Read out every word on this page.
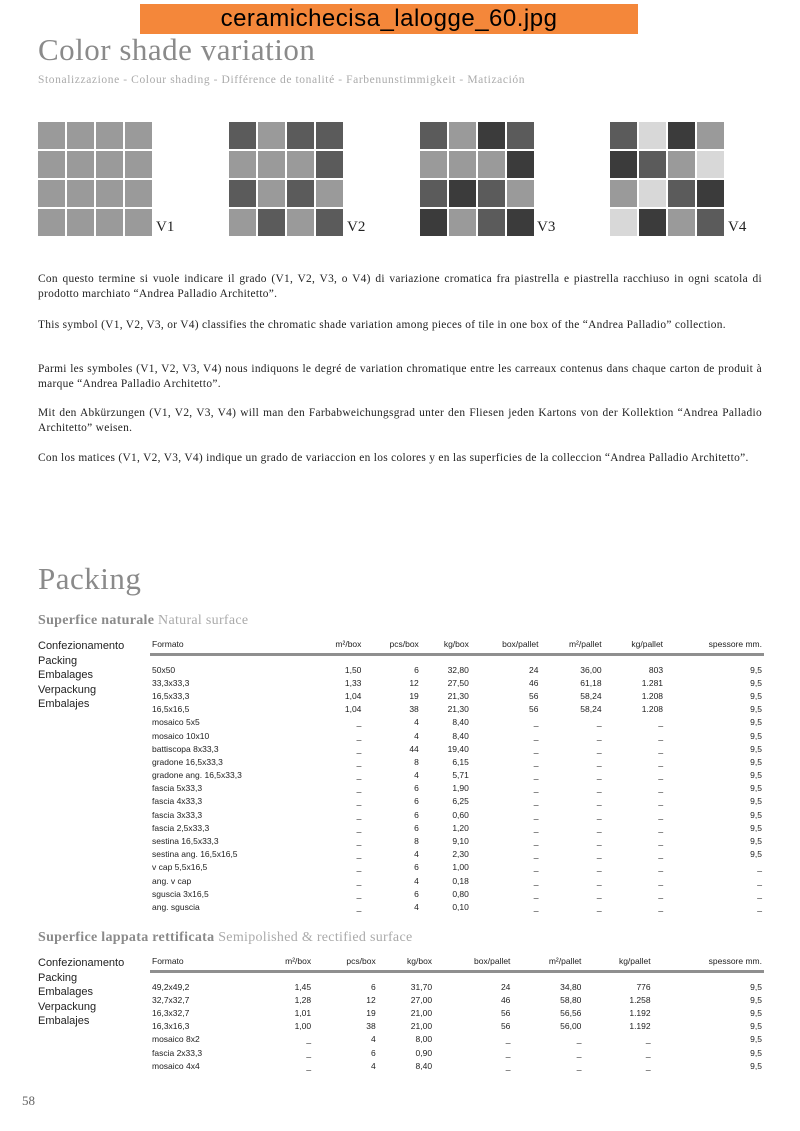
ceramichecisa_lalogge_60.jpg
Color shade variation
Stonalizzazione - Colour shading - Différence de tonalité - Farbenunstimmigkeit - Matización
V1	V2	V3	V4

Con questo termine si vuole indicare il grado (V1, V2, V3, o V4) di variazione cromatica fra piastrella e piastrella racchiuso in ogni scatola di prodotto marchiato “Andrea Palladio Architetto”.

This symbol (V1, V2, V3, or V4) classifies the chromatic shade variation among pieces of tile in one box of the “Andrea Palladio” collection.

Parmi les symboles (V1, V2, V3, V4) nous indiquons le degré de variation chromatique entre les carreaux contenus dans chaque carton de produit à marque “Andrea Palladio Architetto”.

Mit den Abkürzungen (V1, V2, V3, V4) will man den Farbabweichungsgrad unter den Fliesen jeden Kartons von der Kollektion “Andrea Palladio Architetto” weisen.

Con los matices (V1, V2, V3, V4) indique un grado de variaccion en los colores y en las superficies de la colleccion “Andrea Palladio Architetto”.

Packing
Superfice naturale Natural surface
Confezionamento
Packing
Embalages
Verpackung
Embalajes
Formato	m²/box	pcs/box	kg/box	box/pallet	m²/pallet	kg/pallet	spessore mm.

50x50	1,50	6	32,80	24	36,00	803	9,5
33,3x33,3	1,33	12	27,50	46	61,18	1.281	9,5
16,5x33,3	1,04	19	21,30	56	58,24	1.208	9,5
16,5x16,5	1,04	38	21,30	56	58,24	1.208	9,5
mosaico 5x5	_	4	8,40	_	_	_	9,5
mosaico 10x10	_	4	8,40	_	_	_	9,5
battiscopa 8x33,3	_	44	19,40	_	_	_	9,5
gradone 16,5x33,3	_	8	6,15	_	_	_	9,5
gradone ang. 16,5x33,3	_	4	5,71	_	_	_	9,5
fascia 5x33,3	_	6	1,90	_	_	_	9,5
fascia 4x33,3	_	6	6,25	_	_	_	9,5
fascia 3x33,3	_	6	0,60	_	_	_	9,5
fascia 2,5x33,3	_	6	1,20	_	_	_	9,5
sestina 16,5x33,3	_	8	9,10	_	_	_	9,5
sestina ang. 16,5x16,5	_	4	2,30	_	_	_	9,5
v cap 5,5x16,5	_	6	1,00	_	_	_	_
ang. v cap	_	4	0,18	_	_	_	_
sguscia 3x16,5	_	6	0,80	_	_	_	_
ang. sguscia	_	4	0,10	_	_	_	_
Superfice lappata rettificata Semipolished & rectified surface
Confezionamento
Packing
Embalages
Verpackung
Embalajes
Formato	m²/box	pcs/box	kg/box	box/pallet	m²/pallet	kg/pallet	spessore mm.

49,2x49,2	1,45	6	31,70	24	34,80	776	9,5
32,7x32,7	1,28	12	27,00	46	58,80	1.258	9,5
16,3x32,7	1,01	19	21,00	56	56,56	1.192	9,5
16,3x16,3	1,00	38	21,00	56	56,00	1.192	9,5
mosaico 8x2	_	4	8,00	_	_	_	9,5
fascia 2x33,3	_	6	0,90	_	_	_	9,5
mosaico 4x4	_	4	8,40	_	_	_	9,5
58
